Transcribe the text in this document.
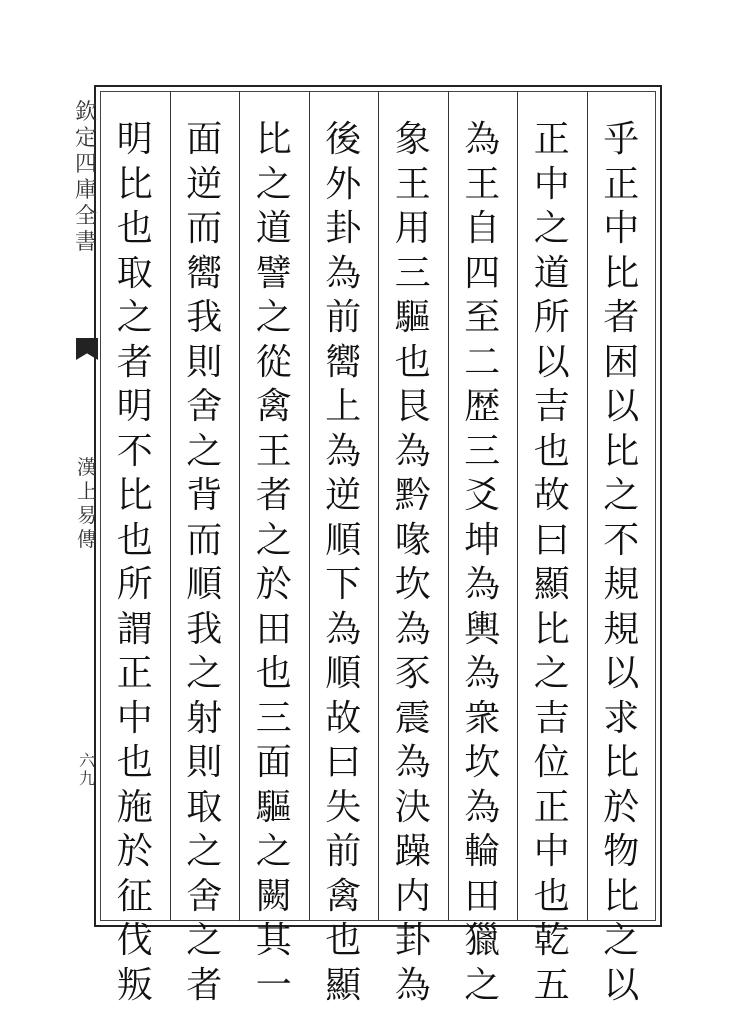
欽
定
四
庫
全
書
漢
上
易
傳
六
九
乎
正
中
比
者
困
以
比
之
不
規
規
以
求
比
於
物
比
之
以
正
中
之
道
所
以
吉
也
故
曰
顯
比
之
吉
位
正
中
也
乾
五
為
王
自
四
至
二
歴
三
爻
坤
為
輿
為
衆
坎
為
輪
田
獵
之
象
王
用
三
驅
也
艮
為
黔
喙
坎
為
豕
震
為
決
躁
内
卦
為
後
外
卦
為
前
嚮
上
為
逆
順
下
為
順
故
曰
失
前
禽
也
顯
比
之
道
譬
之
從
禽
王
者
之
於
田
也
三
面
驅
之
闕
其
一
面
逆
而
嚮
我
則
舍
之
背
而
順
我
之
射
則
取
之
舍
之
者
明
比
也
取
之
者
明
不
比
也
所
謂
正
中
也
施
於
征
伐
叛
